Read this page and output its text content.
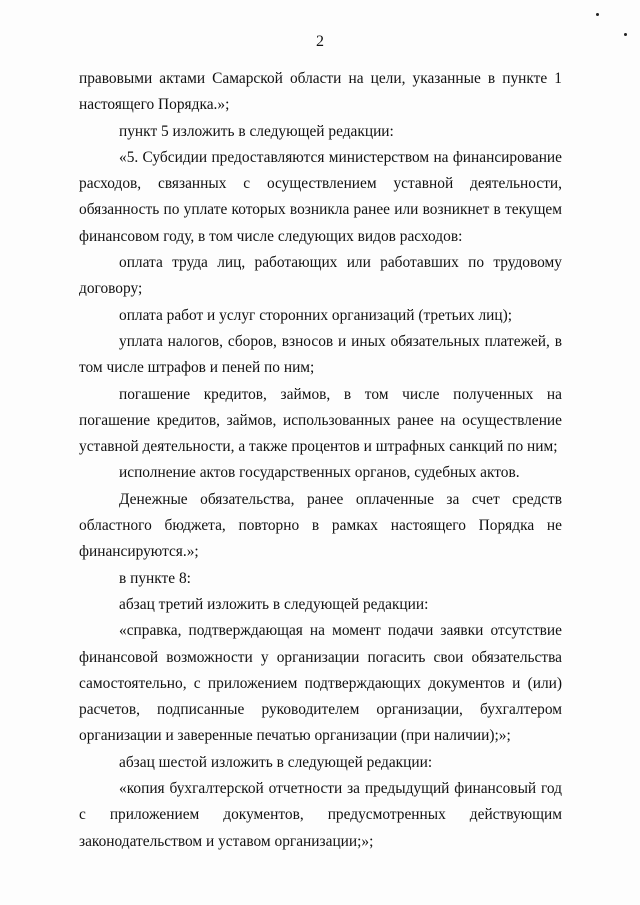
2

правовыми актами Самарской области на цели, указанные в пункте 1 настоящего Порядка.»;

пункт 5 изложить в следующей редакции:

«5. Субсидии предоставляются министерством на финансирование расходов, связанных с осуществлением уставной деятельности, обязанность по уплате которых возникла ранее или возникнет в текущем финансовом году, в том числе следующих видов расходов:

оплата труда лиц, работающих или работавших по трудовому договору;

оплата работ и услуг сторонних организаций (третьих лиц);

уплата налогов, сборов, взносов и иных обязательных платежей, в том числе штрафов и пеней по ним;

погашение кредитов, займов, в том числе полученных на погашение кредитов, займов, использованных ранее на осуществление уставной деятельности, а также процентов и штрафных санкций по ним;

исполнение актов государственных органов, судебных актов.

Денежные обязательства, ранее оплаченные за счет средств областного бюджета, повторно в рамках настоящего Порядка не финансируются.»;

в пункте 8:

абзац третий изложить в следующей редакции:

«справка, подтверждающая на момент подачи заявки отсутствие финансовой возможности у организации погасить свои обязательства самостоятельно, с приложением подтверждающих документов и (или) расчетов, подписанные руководителем организации, бухгалтером организации и заверенные печатью организации (при наличии);»;

абзац шестой изложить в следующей редакции:

«копия бухгалтерской отчетности за предыдущий финансовый год с приложением документов, предусмотренных действующим законодательством и уставом организации;»;
